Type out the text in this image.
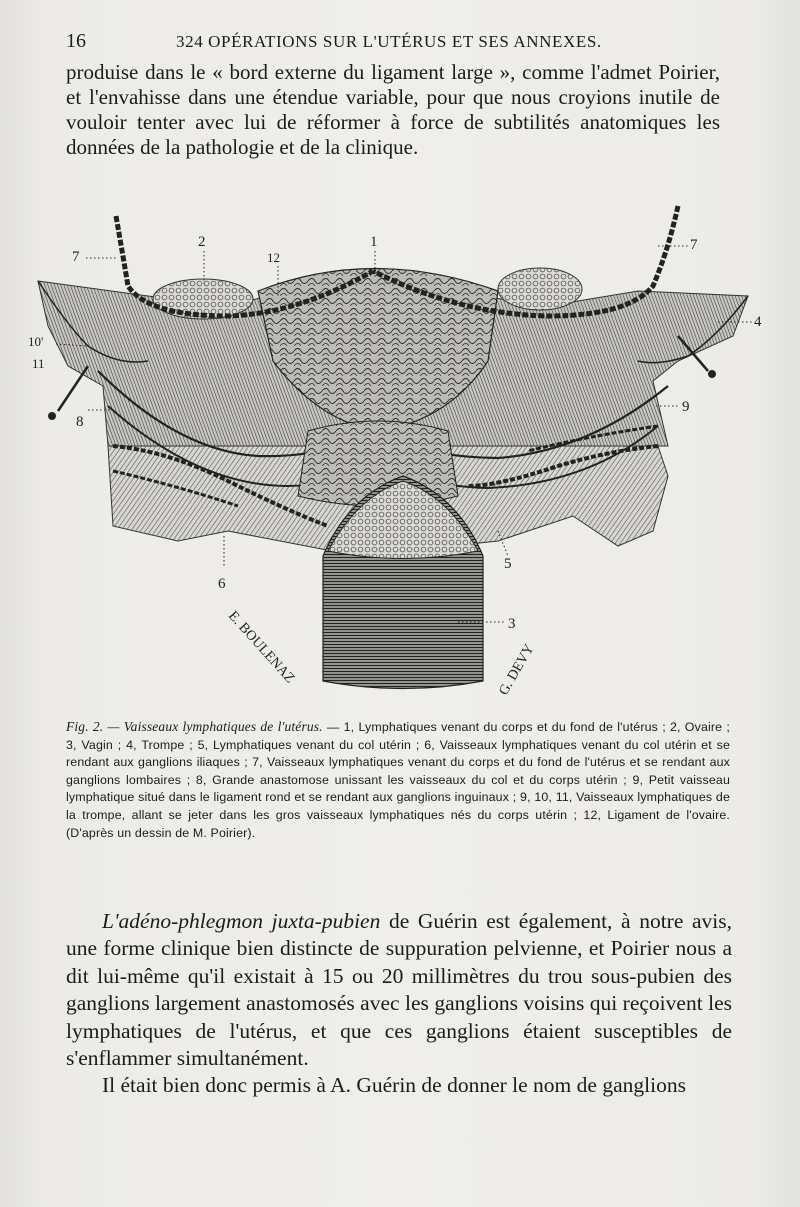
16	324 OPÉRATIONS SUR L'UTÉRUS ET SES ANNEXES.

produise dans le « bord externe du ligament large », comme l'admet Poirier, et l'envahisse dans une étendue variable, pour que nous croyions inutile de vouloir tenter avec lui de réformer à force de subtilités anatomiques les données de la pathologie et de la clinique.

1
2
12
7
7
4
10'
11
8
9
5
6
3
E. BOULENAZ	G. DEVY

Fig. 2. — Vaisseaux lymphatiques de l'utérus. — 1, Lymphatiques venant du corps et du fond de l'utérus ; 2, Ovaire ; 3, Vagin ; 4, Trompe ; 5, Lymphatiques venant du col utérin ; 6, Vaisseaux lymphatiques venant du col utérin et se rendant aux ganglions iliaques ; 7, Vaisseaux lymphatiques venant du corps et du fond de l'utérus et se rendant aux ganglions lombaires ; 8, Grande anastomose unissant les vaisseaux du col et du corps utérin ; 9, Petit vaisseau lymphatique situé dans le ligament rond et se rendant aux ganglions inguinaux ; 9, 10, 11, Vaisseaux lymphatiques de la trompe, allant se jeter dans les gros vaisseaux lymphatiques nés du corps utérin ; 12, Ligament de l'ovaire. (D'après un dessin de M. Poirier).

L'adéno-phlegmon juxta-pubien de Guérin est également, à notre avis, une forme clinique bien distincte de suppuration pelvienne, et Poirier nous a dit lui-même qu'il existait à 15 ou 20 millimètres du trou sous-pubien des ganglions largement anastomosés avec les ganglions voisins qui reçoivent les lymphatiques de l'utérus, et que ces ganglions étaient susceptibles de s'enflammer simultanément.

Il était bien donc permis à A. Guérin de donner le nom de ganglions
